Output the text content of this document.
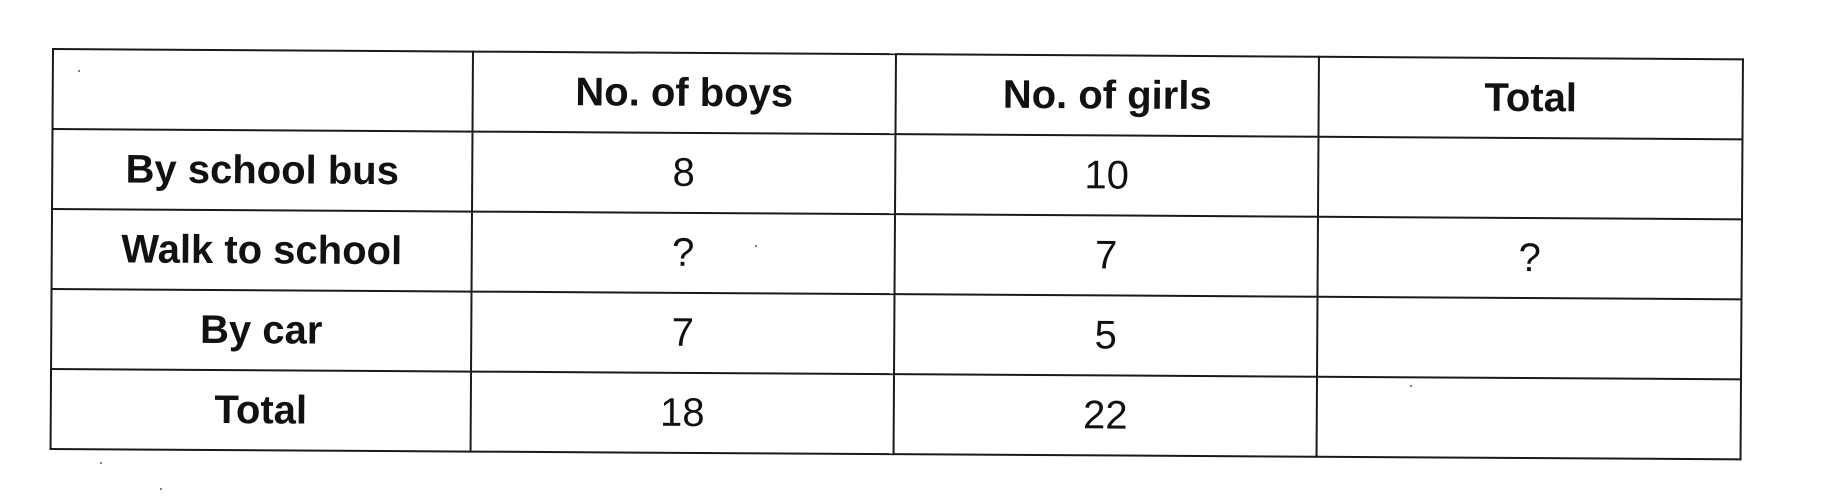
	No. of boys	No. of girls	Total
By school bus	8	10	
Walk to school	?	7	?
By car	7	5	
Total	18	22	
